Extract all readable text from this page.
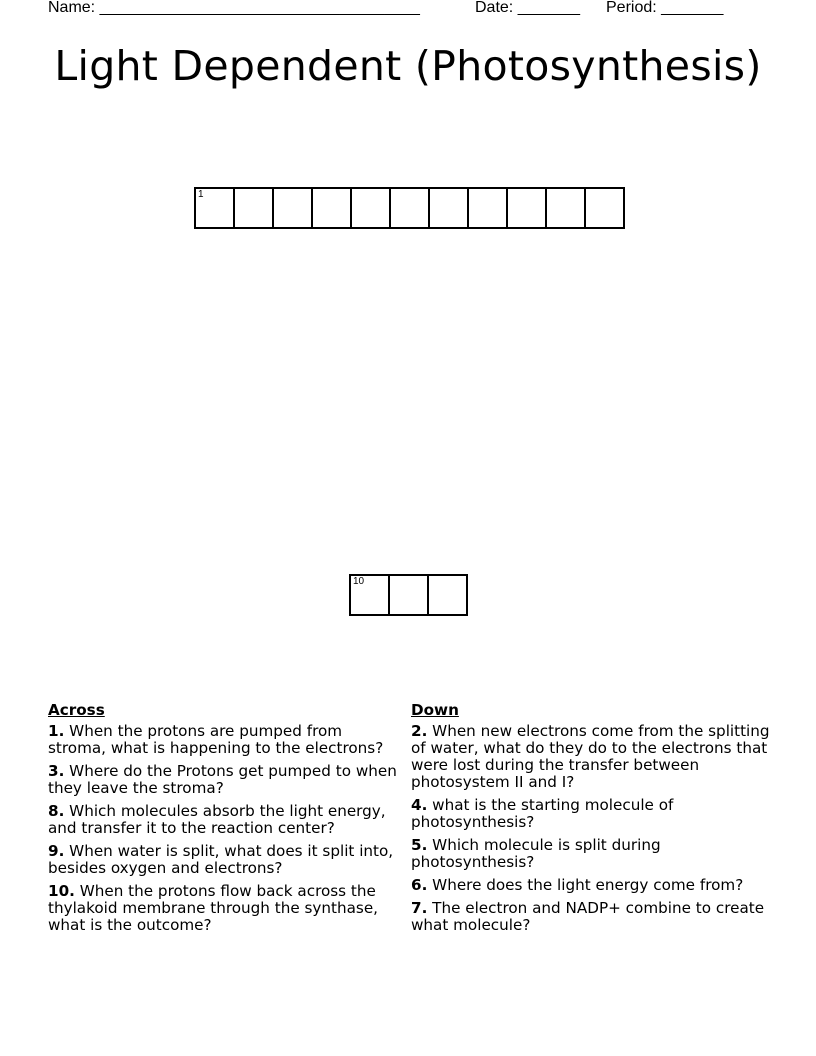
Name: ____________________________________	Date: _______ Period: _______
Light Dependent (Photosynthesis)
1
10
Across
1. When the protons are pumped from stroma, what is happening to the electrons?
3. Where do the Protons get pumped to when they leave the stroma?
8. Which molecules absorb the light energy, and transfer it to the reaction center?
9. When water is split, what does it split into, besides oxygen and electrons?
10. When the protons flow back across the thylakoid membrane through the synthase, what is the outcome?
Down
2. When new electrons come from the splitting of water, what do they do to the electrons that were lost during the transfer between photosystem II and I?
4. what is the starting molecule of photosynthesis?
5. Which molecule is split during photosynthesis?
6. Where does the light energy come from?
7. The electron and NADP+ combine to create what molecule?
